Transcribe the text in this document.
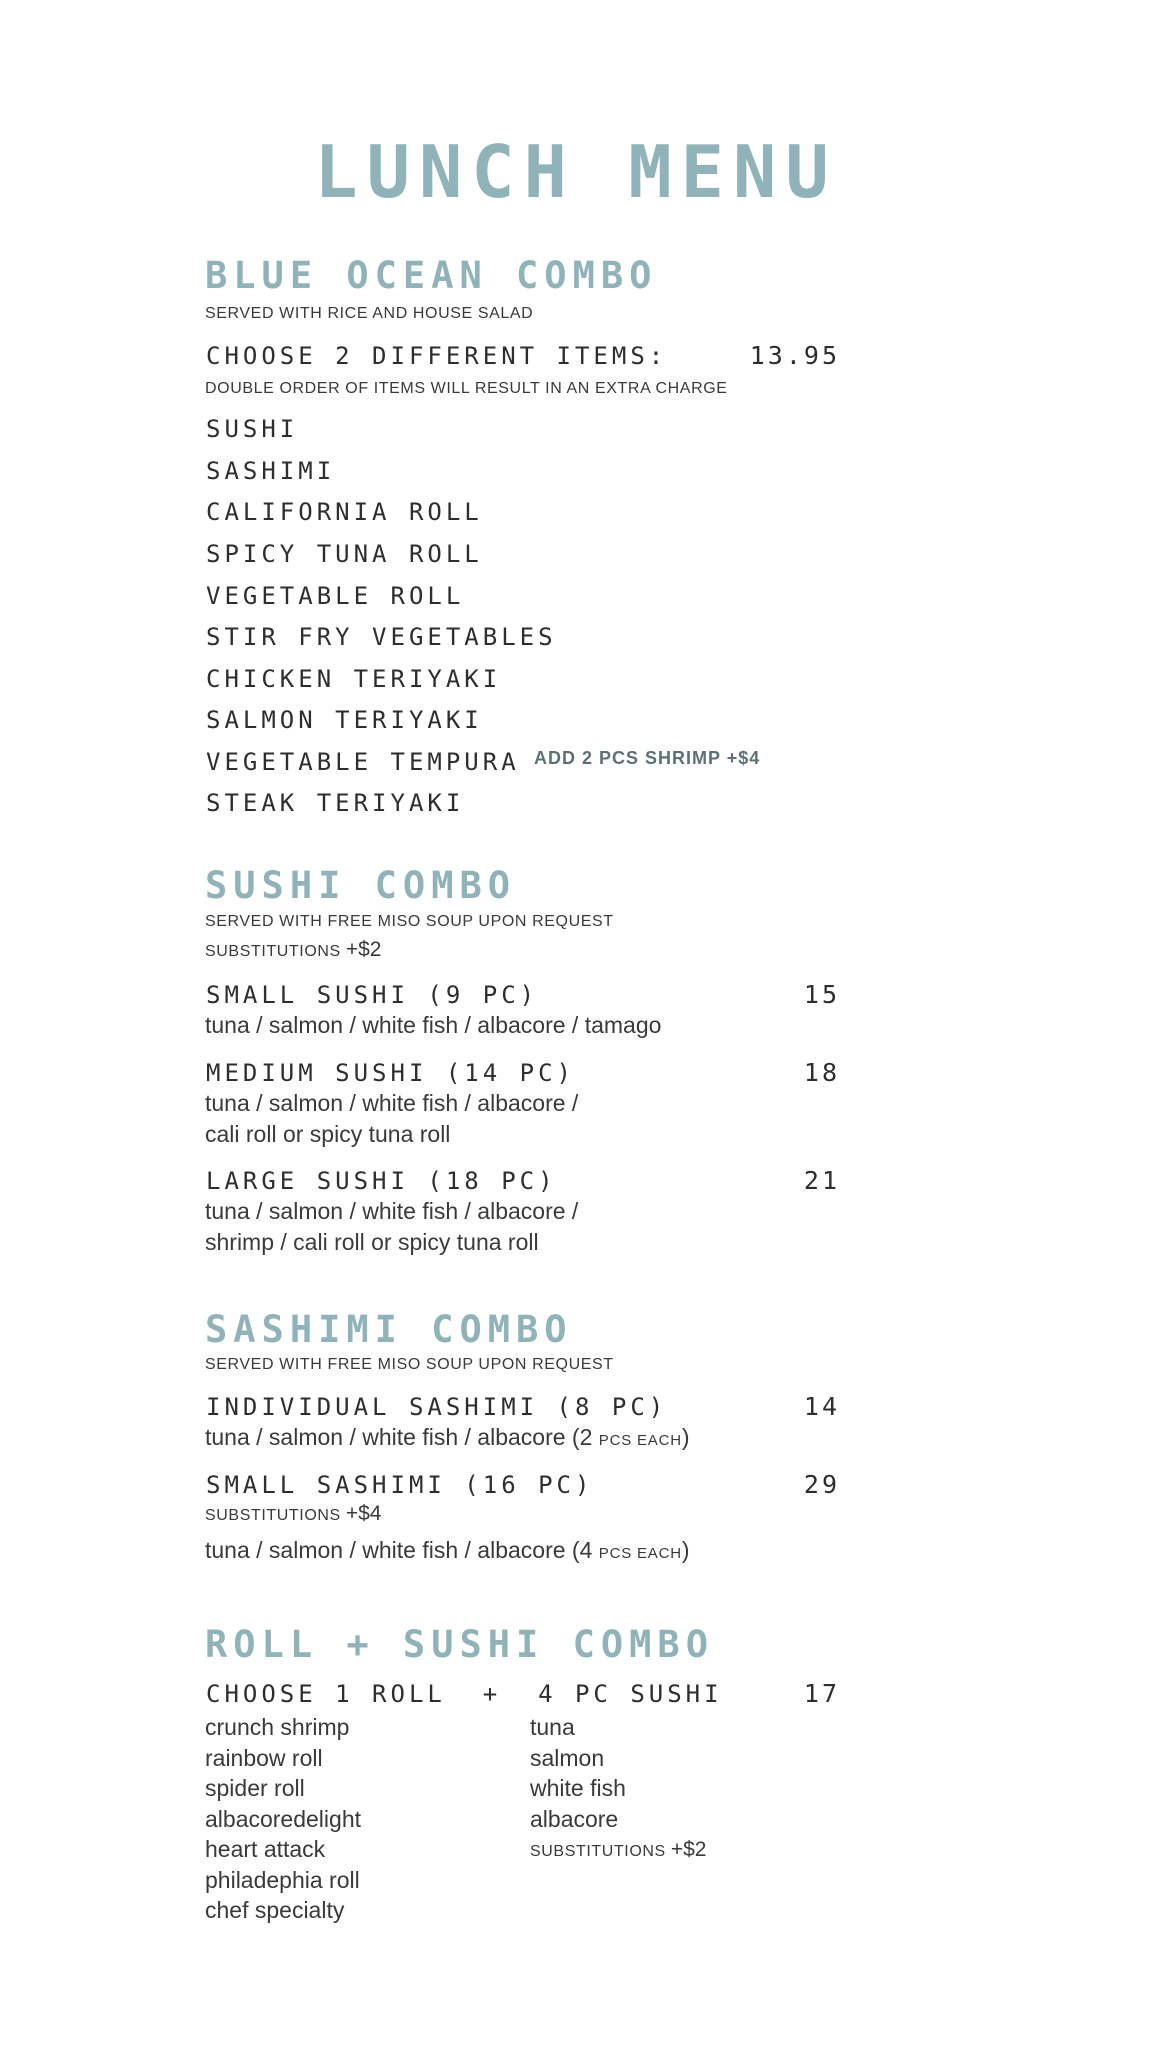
LUNCH MENU
BLUE OCEAN COMBO
SERVED WITH RICE AND HOUSE SALAD
CHOOSE 2 DIFFERENT ITEMS:	13.95
DOUBLE ORDER OF ITEMS WILL RESULT IN AN EXTRA CHARGE
SUSHI
SASHIMI
CALIFORNIA ROLL
SPICY TUNA ROLL
VEGETABLE ROLL
STIR FRY VEGETABLES
CHICKEN TERIYAKI
SALMON TERIYAKI
VEGETABLE TEMPURA ADD 2 PCS SHRIMP +$4
STEAK TERIYAKI
SUSHI COMBO
SERVED WITH FREE MISO SOUP UPON REQUEST
SUBSTITUTIONS +$2
SMALL SUSHI (9 PC)	15
tuna / salmon / white fish / albacore / tamago
MEDIUM SUSHI (14 PC)	18
tuna / salmon / white fish / albacore /
cali roll or spicy tuna roll
LARGE SUSHI (18 PC)	21
tuna / salmon / white fish / albacore /
shrimp / cali roll or spicy tuna roll
SASHIMI COMBO
SERVED WITH FREE MISO SOUP UPON REQUEST
INDIVIDUAL SASHIMI (8 PC)	14
tuna / salmon / white fish / albacore (2 PCS EACH)
SMALL SASHIMI (16 PC)	29
SUBSTITUTIONS +$4
tuna / salmon / white fish / albacore (4 PCS EACH)
ROLL + SUSHI COMBO
CHOOSE 1 ROLL  +  4 PC SUSHI	17
crunch shrimp
rainbow roll
spider roll
albacoredelight
heart attack
philadephia roll
chef specialty
tuna
salmon
white fish
albacore
SUBSTITUTIONS +$2
